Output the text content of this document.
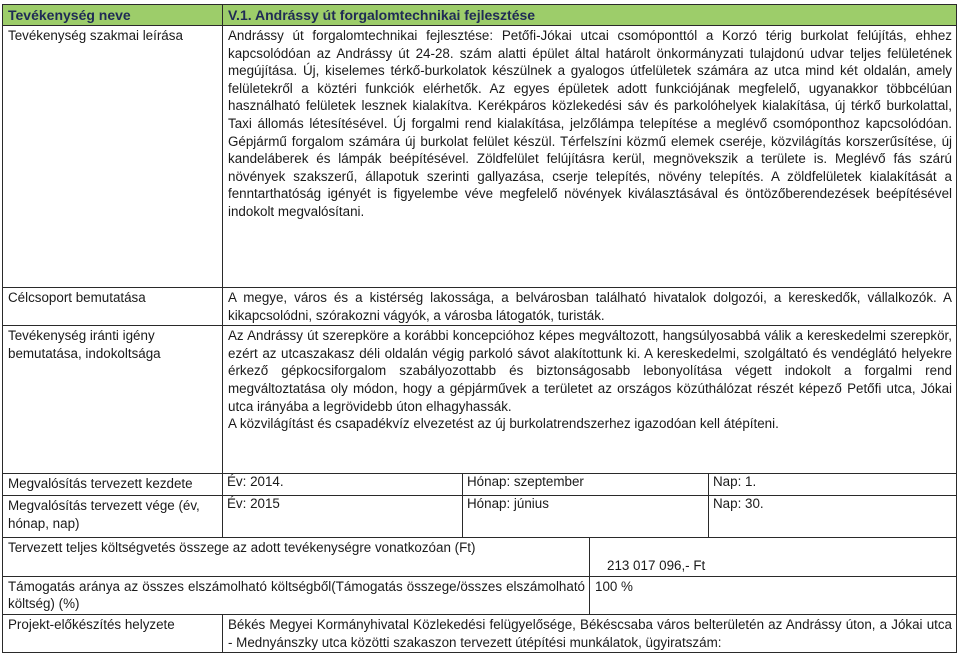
Tevékenység neve	V.1. Andrássy út forgalomtechnikai fejlesztése	
Tevékenység szakmai leírása	Andrássy út forgalomtechnikai fejlesztése: Petőfi-Jókai utcai csomóponttól a Korzó térig burkolat felújítás, ehhez kapcsolódóan az Andrássy út 24-28. szám alatti épület által határolt önkormányzati tulajdonú udvar teljes felületének megújítása. Új, kiselemes térkő-burkolatok készülnek a gyalogos útfelületek számára az utca mind két oldalán, amely felületekről a köztéri funkciók elérhetők. Az egyes épületek adott funkciójának megfelelő, ugyanakkor többcélúan használható felületek lesznek kialakítva. Kerékpáros közlekedési sáv és parkolóhelyek kialakítása, új térkő burkolattal, Taxi állomás létesítésével. Új forgalmi rend kialakítása, jelzőlámpa telepítése a meglévő csomóponthoz kapcsolódóan. Gépjármű forgalom számára új burkolat felület készül. Térfelszíni közmű elemek cseréje, közvilágítás korszerűsítése, új kandeláberek és lámpák beépítésével. Zöldfelület felújításra kerül, megnövekszik a területe is. Meglévő fás szárú növények szakszerű, állapotuk szerinti gallyazása, cserje telepítés, növény telepítés. A zöldfelületek kialakítását a fenntarthatóság igényét is figyelembe véve megfelelő növények kiválasztásával és öntözőberendezések beépítésével indokolt megvalósítani.	
Célcsoport bemutatása	A megye, város és a kistérség lakossága, a belvárosban található hivatalok dolgozói, a kereskedők, vállalkozók. A kikapcsolódni, szórakozni vágyók, a városba látogatók, turisták.	
Tevékenység iránti igény bemutatása, indokoltsága	Az Andrássy út szerepköre a korábbi koncepcióhoz képes megváltozott, hangsúlyosabbá válik a kereskedelmi szerepkör, ezért az utcaszakasz déli oldalán végig parkoló sávot alakítottunk ki. A kereskedelmi, szolgáltató és vendéglátó helyekre érkező gépkocsiforgalom szabályozottabb és biztonságosabb lebonyolítása végett indokolt a forgalmi rend megváltoztatása oly módon, hogy a gépjárművek a területet az országos közúthálózat részét képező Petőfi utca, Jókai utca irányába a legrövidebb úton elhagyhassák.
A közvilágítást és csapadékvíz elvezetést az új burkolatrendszerhez igazodóan kell átépíteni.	

Megvalósítás tervezett kezdete	Év: 2014. Hónap: szeptember Nap: 1.	

Megvalósítás tervezett vége (év, hónap, nap)	Év: 2015 Hónap: június Nap: 30.	

Tervezett teljes költségvetés összege az adott tevékenységre vonatkozóan (Ft)		213 017 096,- Ft
Támogatás aránya az összes elszámolható költségből(Támogatás összege/összes elszámolható költség) (%)		100 %
Projekt-előkészítés helyzete	Békés Megyei Kormányhivatal Közlekedési felügyelősége, Békéscsaba város belterületén az Andrássy úton, a Jókai utca - Mednyánszky utca közötti szakaszon tervezett útépítési munkálatok, ügyiratszám:	
